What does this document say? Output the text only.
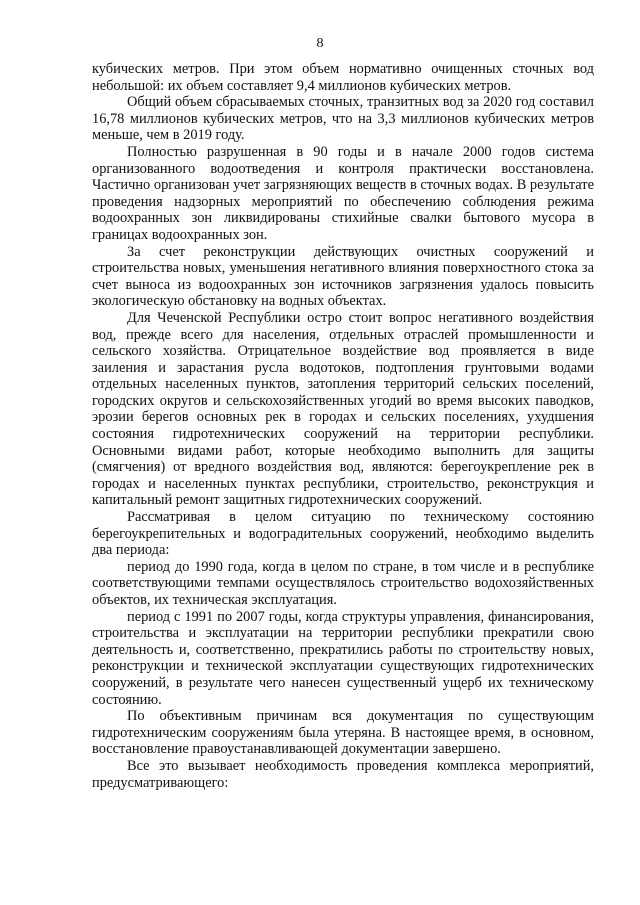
8

кубических метров. При этом объем нормативно очищенных сточных вод небольшой: их объем составляет 9,4 миллионов кубических метров.

Общий объем сбрасываемых сточных, транзитных вод за 2020 год составил 16,78 миллионов кубических метров, что на 3,3 миллионов кубических метров меньше, чем в 2019 году.

Полностью разрушенная в 90 годы и в начале 2000 годов система организованного водоотведения и контроля практически восстановлена. Частично организован учет загрязняющих веществ в сточных водах. В результате проведения надзорных мероприятий по обеспечению соблюдения режима водоохранных зон ликвидированы стихийные свалки бытового мусора в границах водоохранных зон.

За счет реконструкции действующих очистных сооружений и строительства новых, уменьшения негативного влияния поверхностного стока за счет выноса из водоохранных зон источников загрязнения удалось повысить экологическую обстановку на водных объектах.

Для Чеченской Республики остро стоит вопрос негативного воздействия вод, прежде всего для населения, отдельных отраслей промышленности и сельского хозяйства. Отрицательное воздействие вод проявляется в виде заиления и зарастания русла водотоков, подтопления грунтовыми водами отдельных населенных пунктов, затопления территорий сельских поселений, городских округов и сельскохозяйственных угодий во время высоких паводков, эрозии берегов основных рек в городах и сельских поселениях, ухудшения состояния гидротехнических сооружений на территории республики. Основными видами работ, которые необходимо выполнить для защиты (смягчения) от вредного воздействия вод, являются: берегоукрепление рек в городах и населенных пунктах республики, строительство, реконструкция и капитальный ремонт защитных гидротехнических сооружений.

Рассматривая в целом ситуацию по техническому состоянию берегоукрепительных и водоградительных сооружений, необходимо выделить два периода:

период до 1990 года, когда в целом по стране, в том числе и в республике соответствующими темпами осуществлялось строительство водохозяйственных объектов, их техническая эксплуатация.

период с 1991 по 2007 годы, когда структуры управления, финансирования, строительства и эксплуатации на территории республики прекратили свою деятельность и, соответственно, прекратились работы по строительству новых, реконструкции и технической эксплуатации существующих гидротехнических сооружений, в результате чего нанесен существенный ущерб их техническому состоянию.

По объективным причинам вся документация по существующим гидротехническим сооружениям была утеряна. В настоящее время, в основном, восстановление правоустанавливающей документации завершено.

Все это вызывает необходимость проведения комплекса мероприятий, предусматривающего:
